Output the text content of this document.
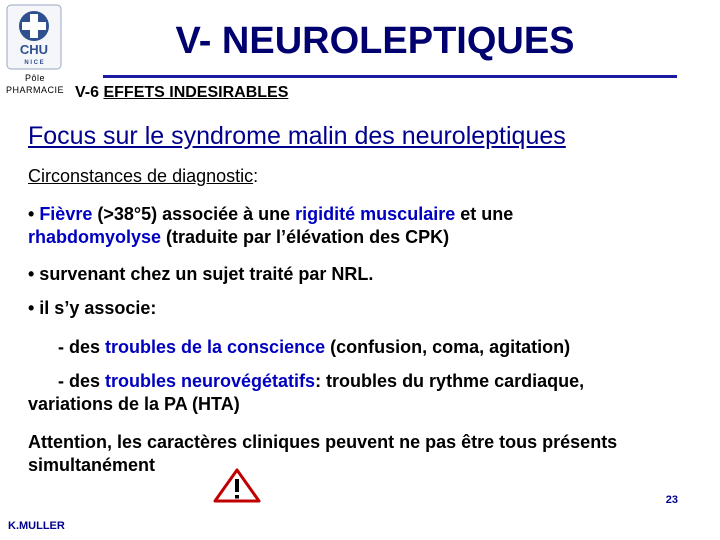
CHU
N I C E
Pôle
PHARMACIE
V- NEUROLEPTIQUES
V-6 EFFETS INDESIRABLES
Focus sur le syndrome malin des neuroleptiques
Circonstances de diagnostic:
• Fièvre (>38°5) associée à une rigidité musculaire et une
rhabdomyolyse (traduite par l’élévation des CPK)
• survenant chez un sujet traité par NRL.
• il s’y associe:
- des troubles de la conscience (confusion, coma, agitation)
- des troubles neurovégétatifs: troubles du rythme cardiaque,
variations de la PA (HTA)
Attention, les caractères cliniques peuvent ne pas être tous présents
simultanément
23
K.MULLER
